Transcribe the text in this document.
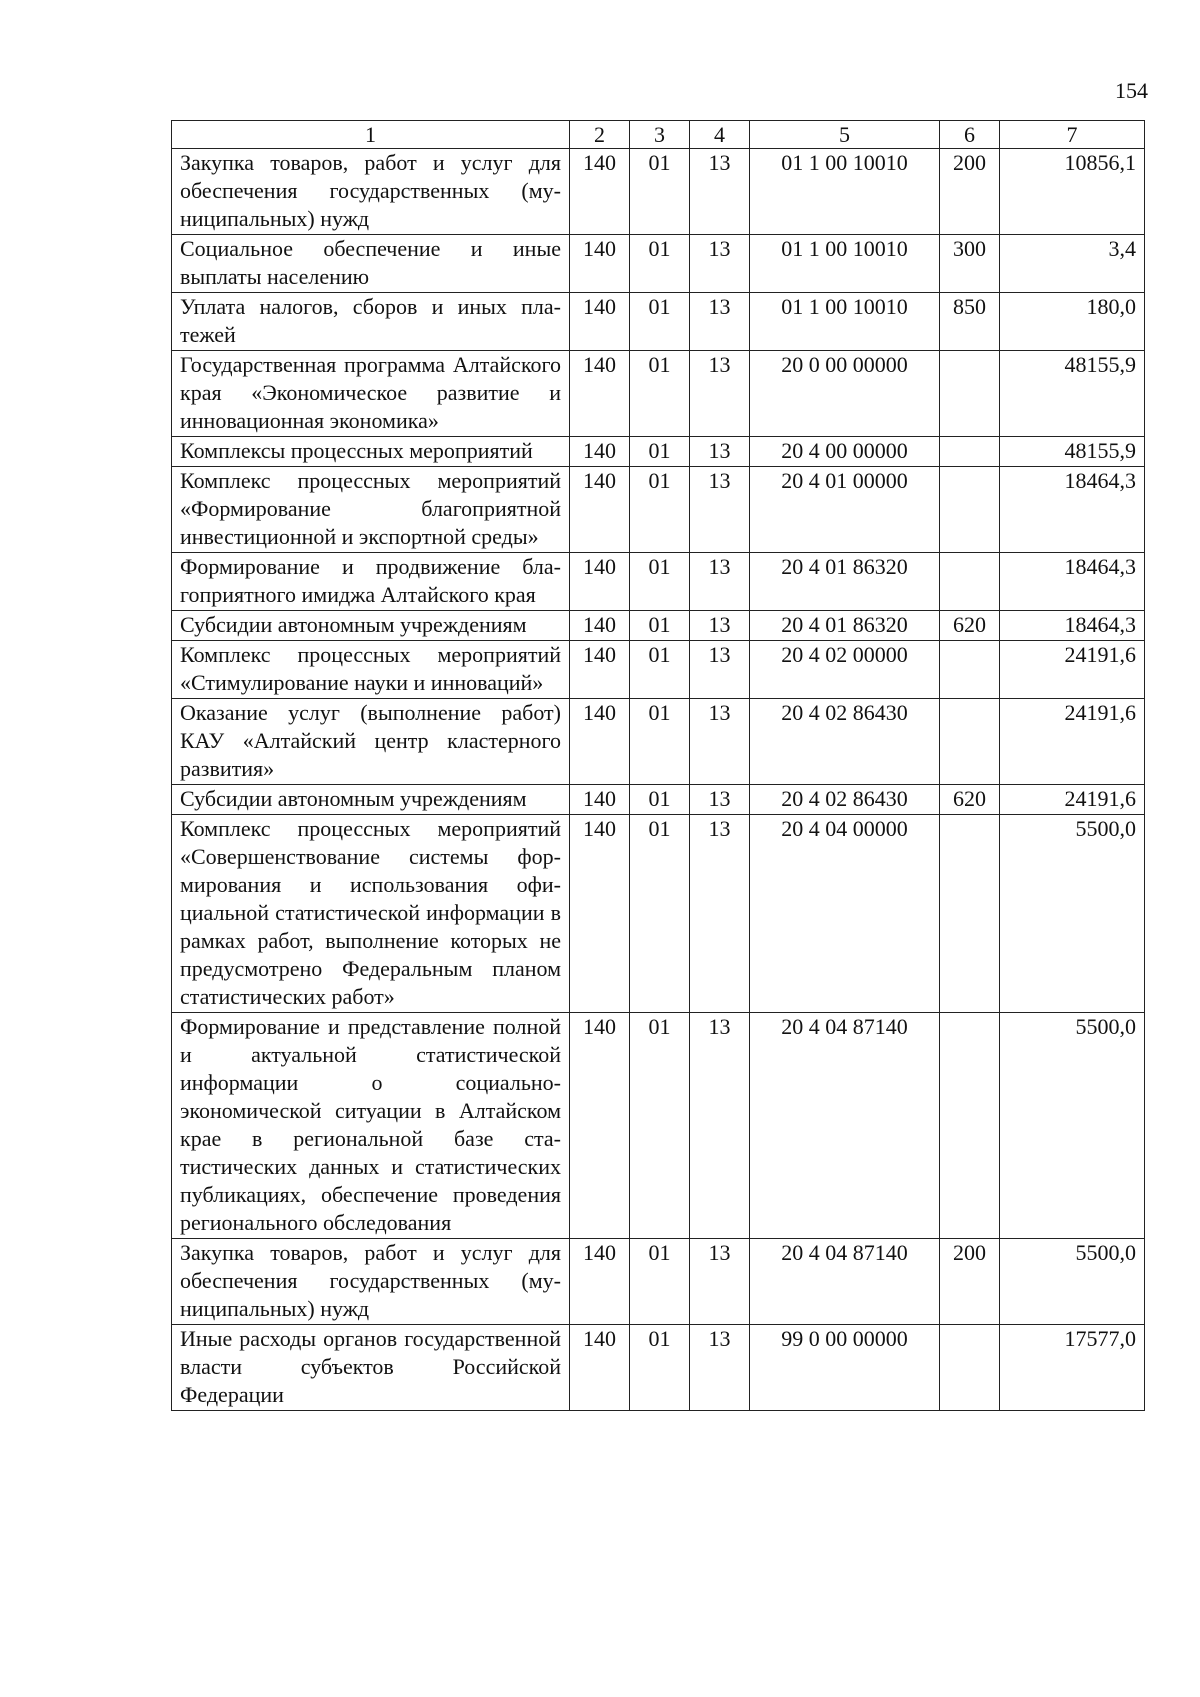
154
1	2	3	4	5	6	7
Закупка товаров, работ и услуг для обеспечения государственных (муниципальных) нужд	140	01	13	01 1 00 10010	200	10856,1
Социальное обеспечение и иные выплаты населению	140	01	13	01 1 00 10010	300	3,4
Уплата налогов, сборов и иных платежей	140	01	13	01 1 00 10010	850	180,0
Государственная программа Алтайского края «Экономическое развитие и инновационная экономика»	140	01	13	20 0 00 00000		48155,9
Комплексы процессных мероприятий	140	01	13	20 4 00 00000		48155,9
Комплекс процессных мероприятий «Формирование благоприятной инвестиционной и экспортной среды»	140	01	13	20 4 01 00000		18464,3
Формирование и продвижение благоприятного имиджа Алтайского края	140	01	13	20 4 01 86320		18464,3
Субсидии автономным учреждениям	140	01	13	20 4 01 86320	620	18464,3
Комплекс процессных мероприятий «Стимулирование науки и инноваций»	140	01	13	20 4 02 00000		24191,6
Оказание услуг (выполнение работ) КАУ «Алтайский центр кластерного развития»	140	01	13	20 4 02 86430		24191,6
Субсидии автономным учреждениям	140	01	13	20 4 02 86430	620	24191,6
Комплекс процессных мероприятий «Совершенствование системы формирования и использования официальной статистической информации в рамках работ, выполнение которых не предусмотрено Федеральным планом статистических работ»	140	01	13	20 4 04 00000		5500,0
Формирование и представление полной и актуальной статистической информации о социально-экономической ситуации в Алтайском крае в региональной базе статистических данных и статистических публикациях, обеспечение проведения регионального обследования	140	01	13	20 4 04 87140		5500,0
Закупка товаров, работ и услуг для обеспечения государственных (муниципальных) нужд	140	01	13	20 4 04 87140	200	5500,0
Иные расходы органов государственной власти субъектов Российской Федерации	140	01	13	99 0 00 00000		17577,0
